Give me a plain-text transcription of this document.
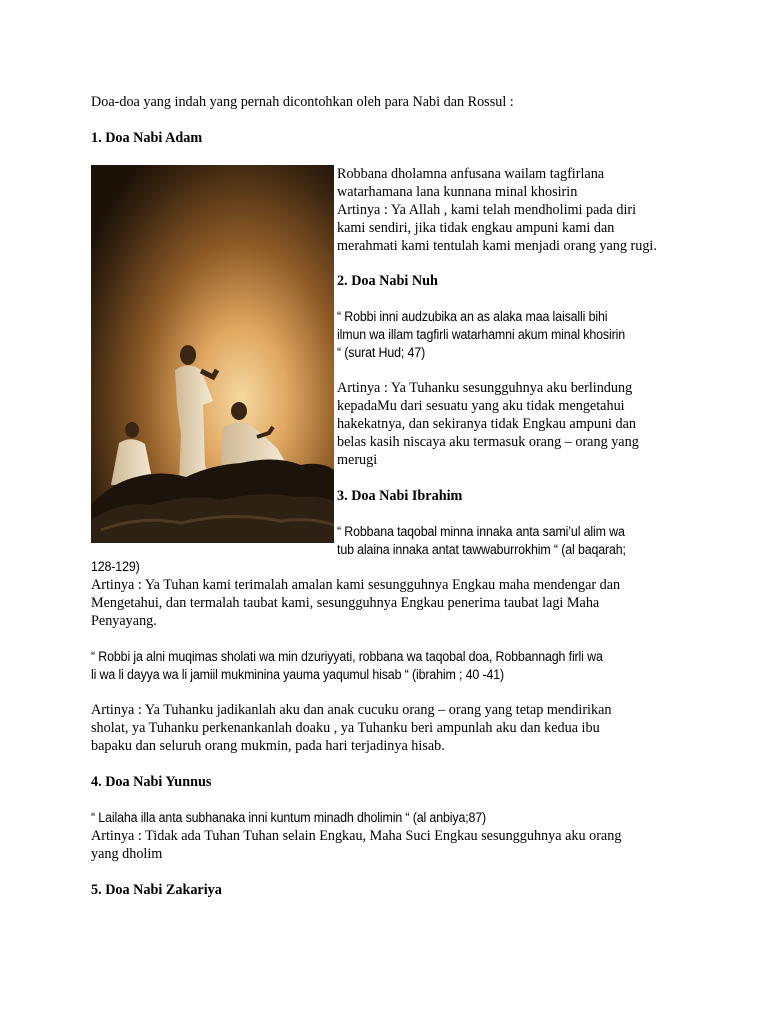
Doa-doa yang indah yang pernah dicontohkan oleh para Nabi dan Rossul :
1. Doa Nabi Adam

Robbana dholamna anfusana wailam tagfirlana

watarhamana lana kunnana minal khosirin

Artinya : Ya Allah , kami telah mendholimi pada diri

kami sendiri, jika tidak engkau ampuni kami dan

merahmati kami tentulah kami menjadi orang yang rugi.

2. Doa Nabi Nuh

“ Robbi inni audzubika an as alaka maa laisalli bihi

ilmun wa illam tagfirli watarhamni akum minal khosirin

“ (surat Hud; 47)

Artinya : Ya Tuhanku sesungguhnya aku berlindung

kepadaMu dari sesuatu yang aku tidak mengetahui

hakekatnya, dan sekiranya tidak Engkau ampuni dan

belas kasih niscaya aku termasuk orang – orang yang

merugi

3. Doa Nabi Ibrahim

“ Robbana taqobal minna innaka anta sami’ul alim wa

tub alaina innaka antat tawwaburrokhim “ (al baqarah;

128-129)

Artinya : Ya Tuhan kami terimalah amalan kami sesungguhnya Engkau maha mendengar dan

Mengetahui, dan termalah taubat kami, sesungguhnya Engkau penerima taubat lagi Maha

Penyayang.

“ Robbi ja alni muqimas sholati wa min dzuriyyati, robbana wa taqobal doa, Robbannagh firli wa

li wa li dayya wa li jamiil mukminina yauma yaqumul hisab “ (ibrahim ; 40 -41)

Artinya : Ya Tuhanku jadikanlah aku dan anak cucuku orang – orang yang tetap mendirikan

sholat, ya Tuhanku perkenankanlah doaku , ya Tuhanku beri ampunlah aku dan kedua ibu

bapaku dan seluruh orang mukmin, pada hari terjadinya hisab.

4. Doa Nabi Yunnus

“ Lailaha illa anta subhanaka inni kuntum minadh dholimin “ (al anbiya;87)

Artinya : Tidak ada Tuhan Tuhan selain Engkau, Maha Suci Engkau sesungguhnya aku orang

yang dholim

5. Doa Nabi Zakariya
